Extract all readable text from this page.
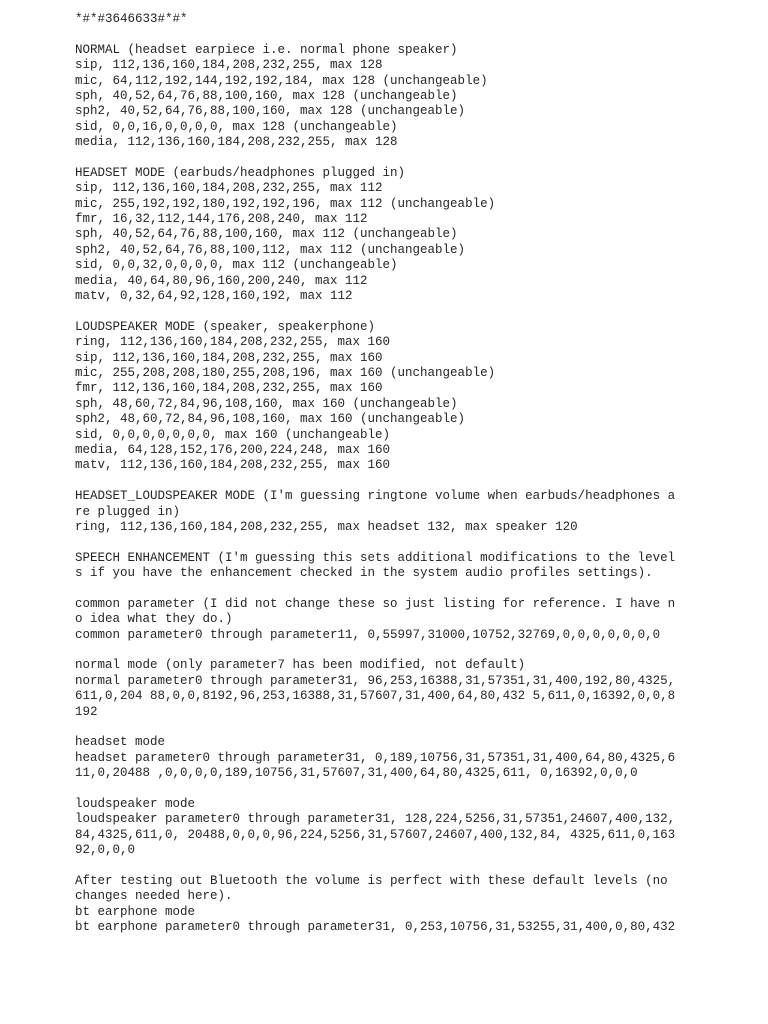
*#*#3646633#*#*
NORMAL (headset earpiece i.e. normal phone speaker)
sip, 112,136,160,184,208,232,255, max 128
mic, 64,112,192,144,192,192,184, max 128 (unchangeable)
sph, 40,52,64,76,88,100,160, max 128 (unchangeable)
sph2, 40,52,64,76,88,100,160, max 128 (unchangeable)
sid, 0,0,16,0,0,0,0, max 128 (unchangeable)
media, 112,136,160,184,208,232,255, max 128
HEADSET MODE (earbuds/headphones plugged in)
sip, 112,136,160,184,208,232,255, max 112
mic, 255,192,192,180,192,192,196, max 112 (unchangeable)
fmr, 16,32,112,144,176,208,240, max 112
sph, 40,52,64,76,88,100,160, max 112 (unchangeable)
sph2, 40,52,64,76,88,100,112, max 112 (unchangeable)
sid, 0,0,32,0,0,0,0, max 112 (unchangeable)
media, 40,64,80,96,160,200,240, max 112
matv, 0,32,64,92,128,160,192, max 112
LOUDSPEAKER MODE (speaker, speakerphone)
ring, 112,136,160,184,208,232,255, max 160
sip, 112,136,160,184,208,232,255, max 160
mic, 255,208,208,180,255,208,196, max 160 (unchangeable)
fmr, 112,136,160,184,208,232,255, max 160
sph, 48,60,72,84,96,108,160, max 160 (unchangeable)
sph2, 48,60,72,84,96,108,160, max 160 (unchangeable)
sid, 0,0,0,0,0,0,0, max 160 (unchangeable)
media, 64,128,152,176,200,224,248, max 160
matv, 112,136,160,184,208,232,255, max 160
HEADSET_LOUDSPEAKER MODE (I'm guessing ringtone volume when earbuds/headphones a
re plugged in)
ring, 112,136,160,184,208,232,255, max headset 132, max speaker 120
SPEECH ENHANCEMENT (I'm guessing this sets additional modifications to the level
s if you have the enhancement checked in the system audio profiles settings).
common parameter (I did not change these so just listing for reference. I have n
o idea what they do.)
common parameter0 through parameter11, 0,55997,31000,10752,32769,0,0,0,0,0,0,0
normal mode (only parameter7 has been modified, not default)
normal parameter0 through parameter31, 96,253,16388,31,57351,31,400,192,80,4325,
611,0,204 88,0,0,8192,96,253,16388,31,57607,31,400,64,80,432 5,611,0,16392,0,0,8
192
headset mode
headset parameter0 through parameter31, 0,189,10756,31,57351,31,400,64,80,4325,6
11,0,20488 ,0,0,0,0,189,10756,31,57607,31,400,64,80,4325,611, 0,16392,0,0,0
loudspeaker mode
loudspeaker parameter0 through parameter31, 128,224,5256,31,57351,24607,400,132,
84,4325,611,0, 20488,0,0,0,96,224,5256,31,57607,24607,400,132,84, 4325,611,0,163
92,0,0,0
After testing out Bluetooth the volume is perfect with these default levels (no
changes needed here).
bt earphone mode
bt earphone parameter0 through parameter31, 0,253,10756,31,53255,31,400,0,80,432
